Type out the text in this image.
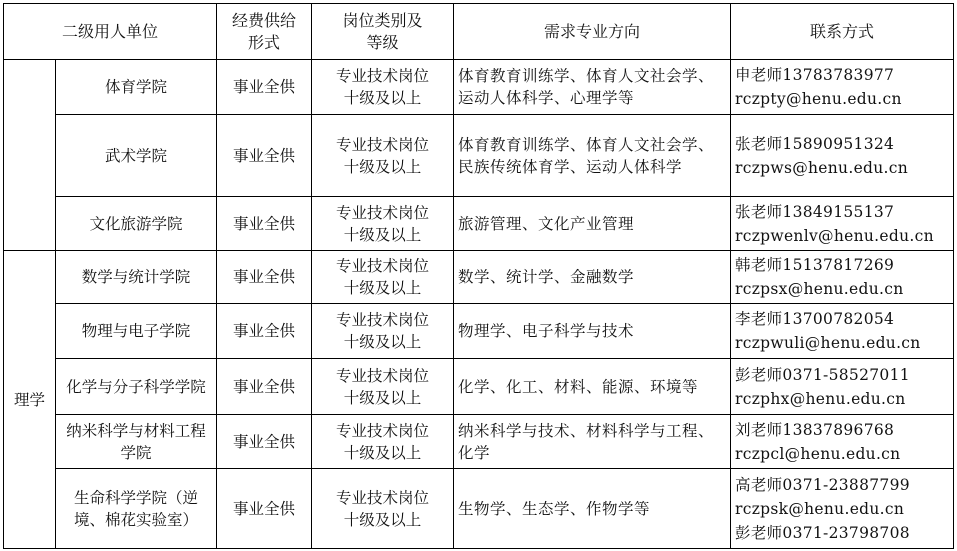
二级用人单位		经费供给形式	岗位类别及等级	需求专业方向	联系方式
	体育学院	事业全供	专业技术岗位十级及以上	体育教育训练学、体育人文社会学、运动人体科学、心理学等	申老师13783783977
rczpty@henu.edu.cn

	武术学院	事业全供	专业技术岗位十级及以上	体育教育训练学、体育人文社会学、民族传统体育学、运动人体科学	张老师15890951324
rczpws@henu.edu.cn

	文化旅游学院	事业全供	专业技术岗位十级及以上	旅游管理、文化产业管理	张老师13849155137
rczpwenlv@henu.edu.cn

理学	数学与统计学院	事业全供	专业技术岗位十级及以上	数学、统计学、金融数学	韩老师15137817269
rczpsx@henu.edu.cn

	物理与电子学院	事业全供	专业技术岗位十级及以上	物理学、电子科学与技术	李老师13700782054
rczpwuli@henu.edu.cn

	化学与分子科学学院	事业全供	专业技术岗位十级及以上	化学、化工、材料、能源、环境等	彭老师0371-58527011
rczphx@henu.edu.cn

	纳米科学与材料工程学院	事业全供	专业技术岗位十级及以上	纳米科学与技术、材料科学与工程、化学	刘老师13837896768
rczpcl@henu.edu.cn

	生命科学学院（逆境、棉花实验室）	事业全供	专业技术岗位十级及以上	生物学、生态学、作物学等	高老师0371-23887799
rczpsk@henu.edu.cn
彭老师0371-23798708
